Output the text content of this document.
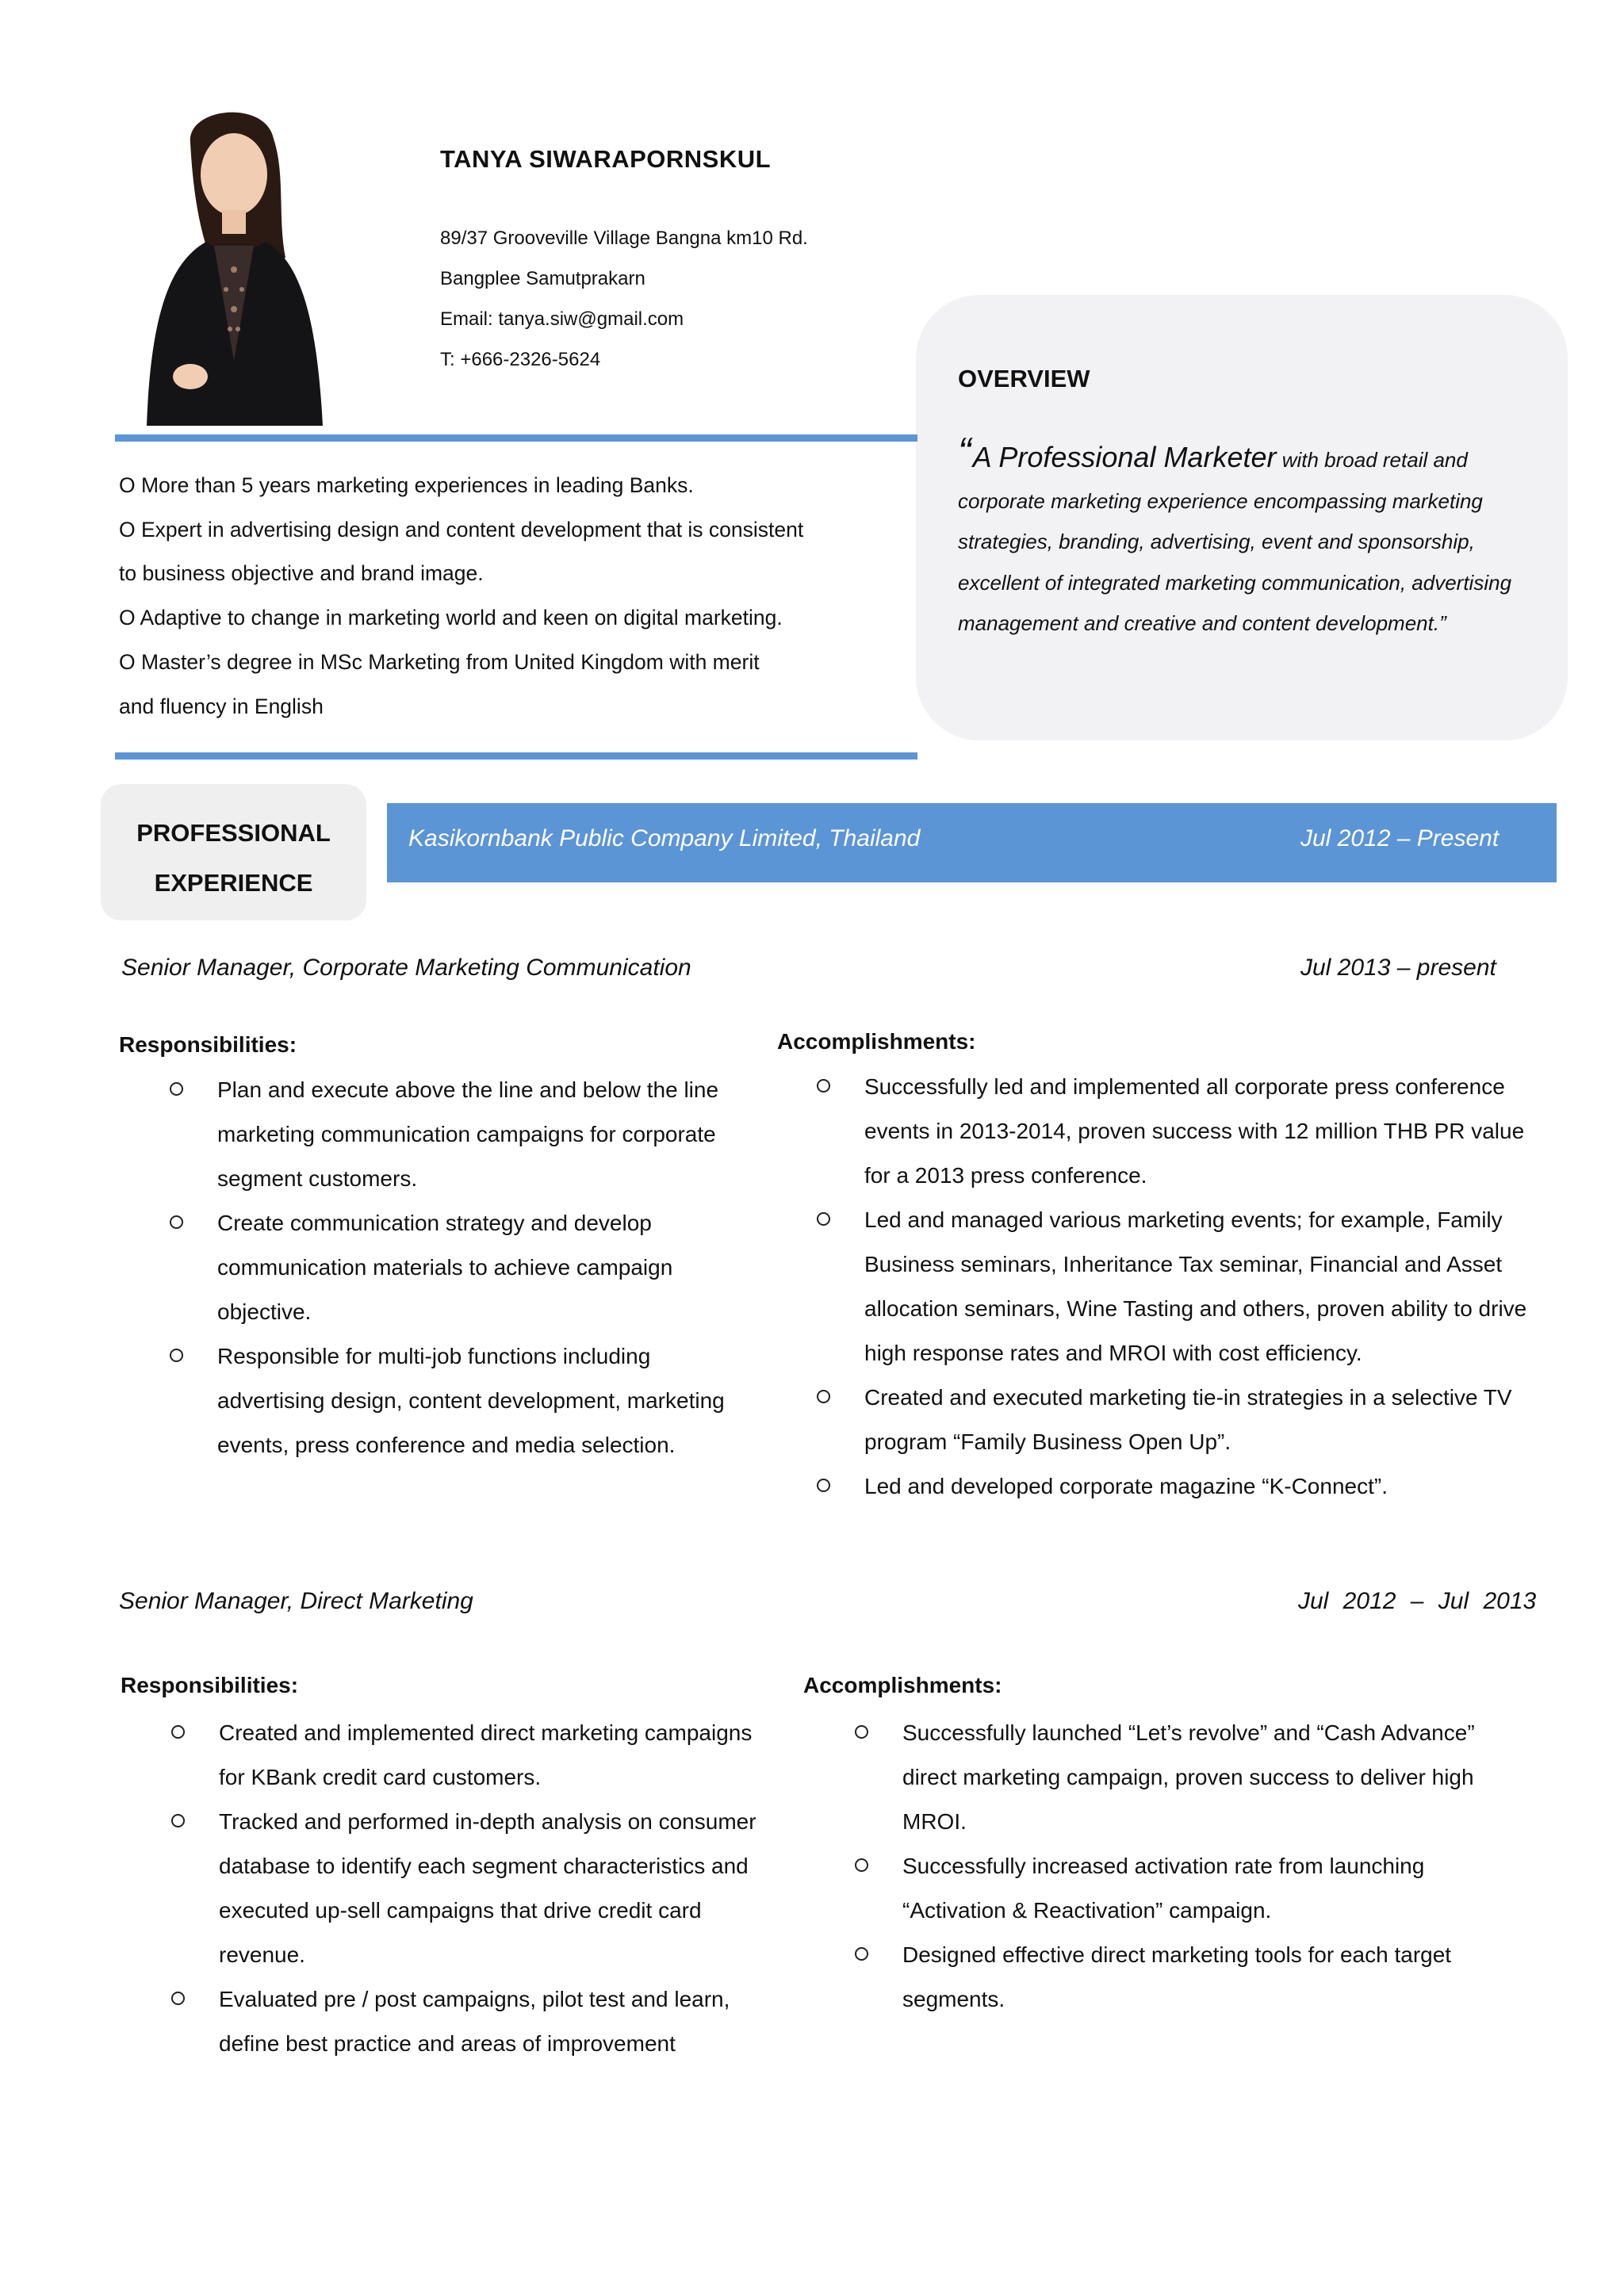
TANYA SIWARAPORNSKUL
89/37 Grooveville Village Bangna km10 Rd.
Bangplee Samutprakarn
Email: tanya.siw@gmail.com
T: +666-2326-5624
OVERVIEW
“A Professional Marketer with broad retail and corporate marketing experience encompassing marketing strategies, branding, advertising, event and sponsorship, excellent of integrated marketing communication, advertising management and creative and content development.”

O More than 5 years marketing experiences in leading Banks.

O Expert in advertising design and content development that is consistent

to business objective and brand image.

O Adaptive to change in marketing world and keen on digital marketing.

O Master’s degree in MSc Marketing from United Kingdom with merit

and fluency in English

PROFESSIONAL
EXPERIENCE
Kasikornbank Public Company Limited, Thailand	Jul 2012 – Present
Senior Manager, Corporate Marketing Communication	Jul 2013 – present
Responsibilities:
Plan and execute above the line and below the line marketing communication campaigns for corporate segment customers.
Create communication strategy and develop communication materials to achieve campaign objective.
Responsible for multi-job functions including advertising design, content development, marketing events, press conference and media selection.
Accomplishments:
Successfully led and implemented all corporate press conference events in 2013-2014, proven success with 12 million THB PR value for a 2013 press conference.
Led and managed various marketing events; for example, Family Business seminars, Inheritance Tax seminar, Financial and Asset allocation seminars, Wine Tasting and others, proven ability to drive high response rates and MROI with cost efficiency.
Created and executed marketing tie-in strategies in a selective TV program “Family Business Open Up”.
Led and developed corporate magazine “K-Connect”.
Senior Manager, Direct Marketing	Jul 2012 – Jul 2013
Responsibilities:
Created and implemented direct marketing campaigns for KBank credit card customers.
Tracked and performed in-depth analysis on consumer database to identify each segment characteristics and executed up-sell campaigns that drive credit card revenue.
Evaluated pre / post campaigns, pilot test and learn, define best practice and areas of improvement
Accomplishments:
Successfully launched “Let’s revolve” and “Cash Advance” direct marketing campaign, proven success to deliver high MROI.
Successfully increased activation rate from launching “Activation & Reactivation” campaign.
Designed effective direct marketing tools for each target segments.
